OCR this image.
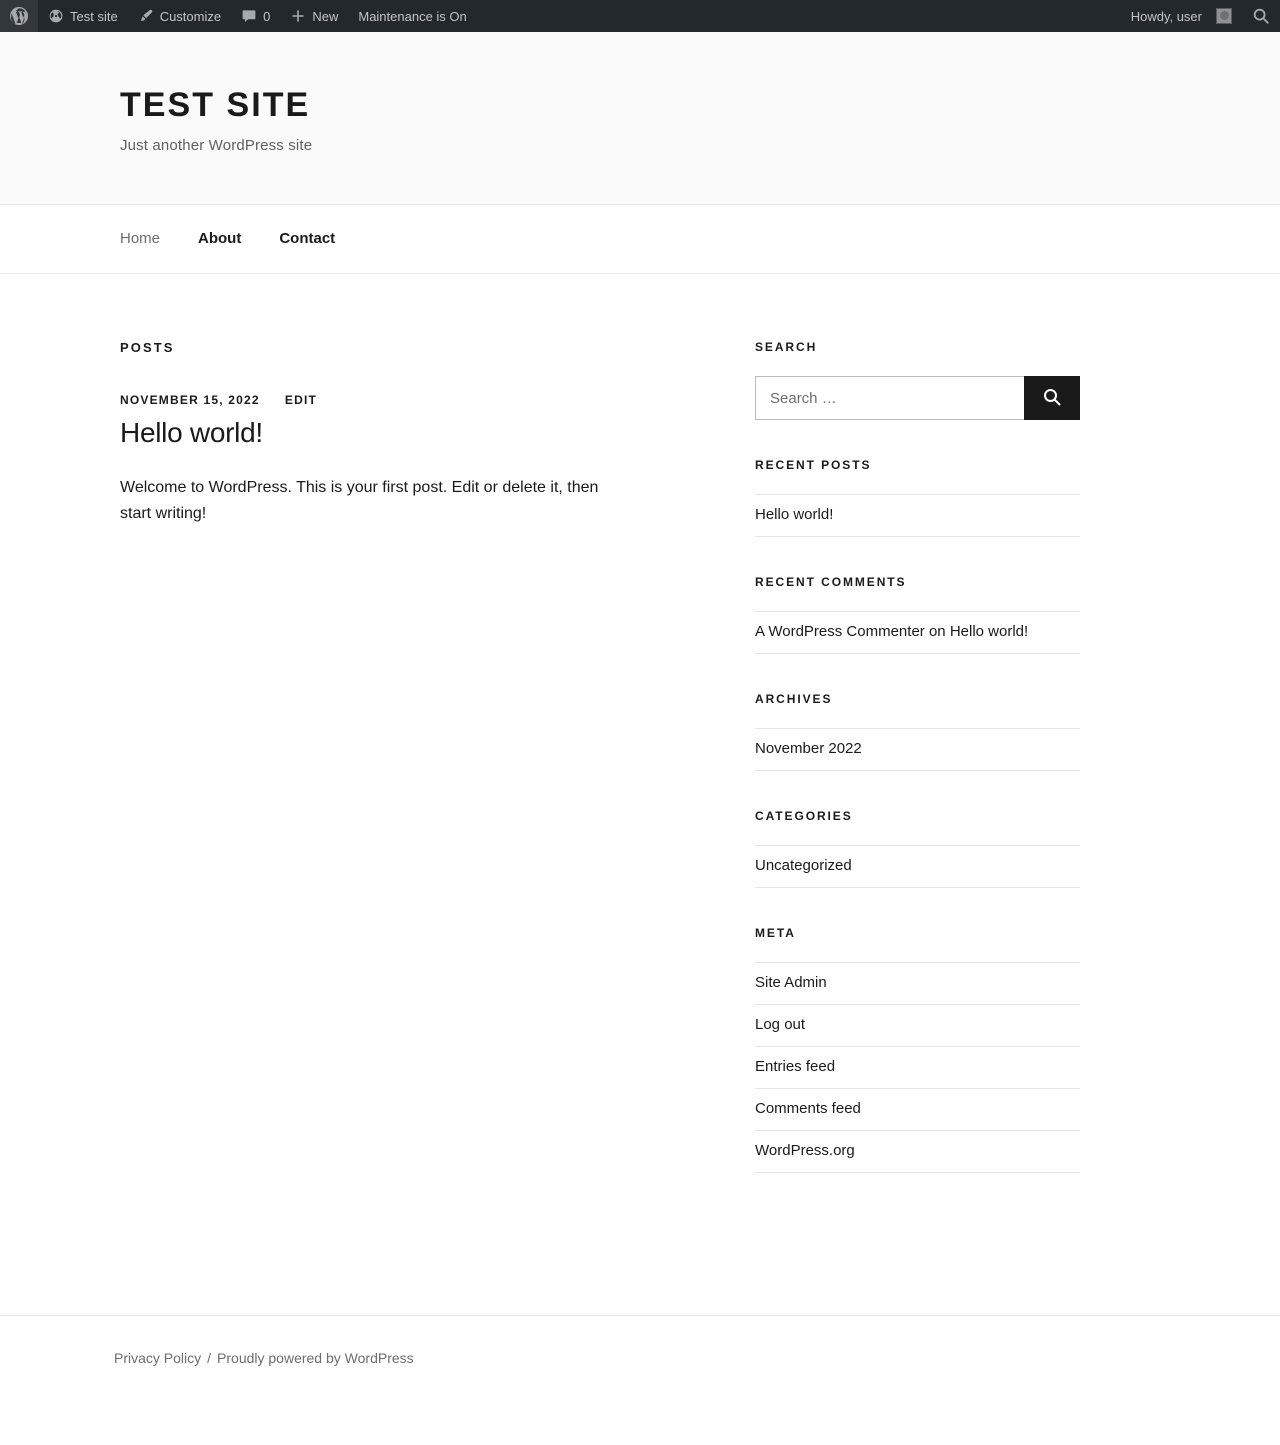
Test site	Customize	0	New Maintenance is On	Howdy, user
TEST SITE

Just another WordPress site

Home	About	Contact
POSTS
NOVEMBER 15, 2022 EDIT
Hello world!

Welcome to WordPress. This is your first post. Edit or delete it, then start writing!

SEARCH
Search …
RECENT POSTS
Hello world!
RECENT COMMENTS
A WordPress Commenter on Hello world!
ARCHIVES
November 2022
CATEGORIES
Uncategorized
META
Site Admin
Log out
Entries feed
Comments feed
WordPress.org
Privacy Policy / Proudly powered by WordPress
